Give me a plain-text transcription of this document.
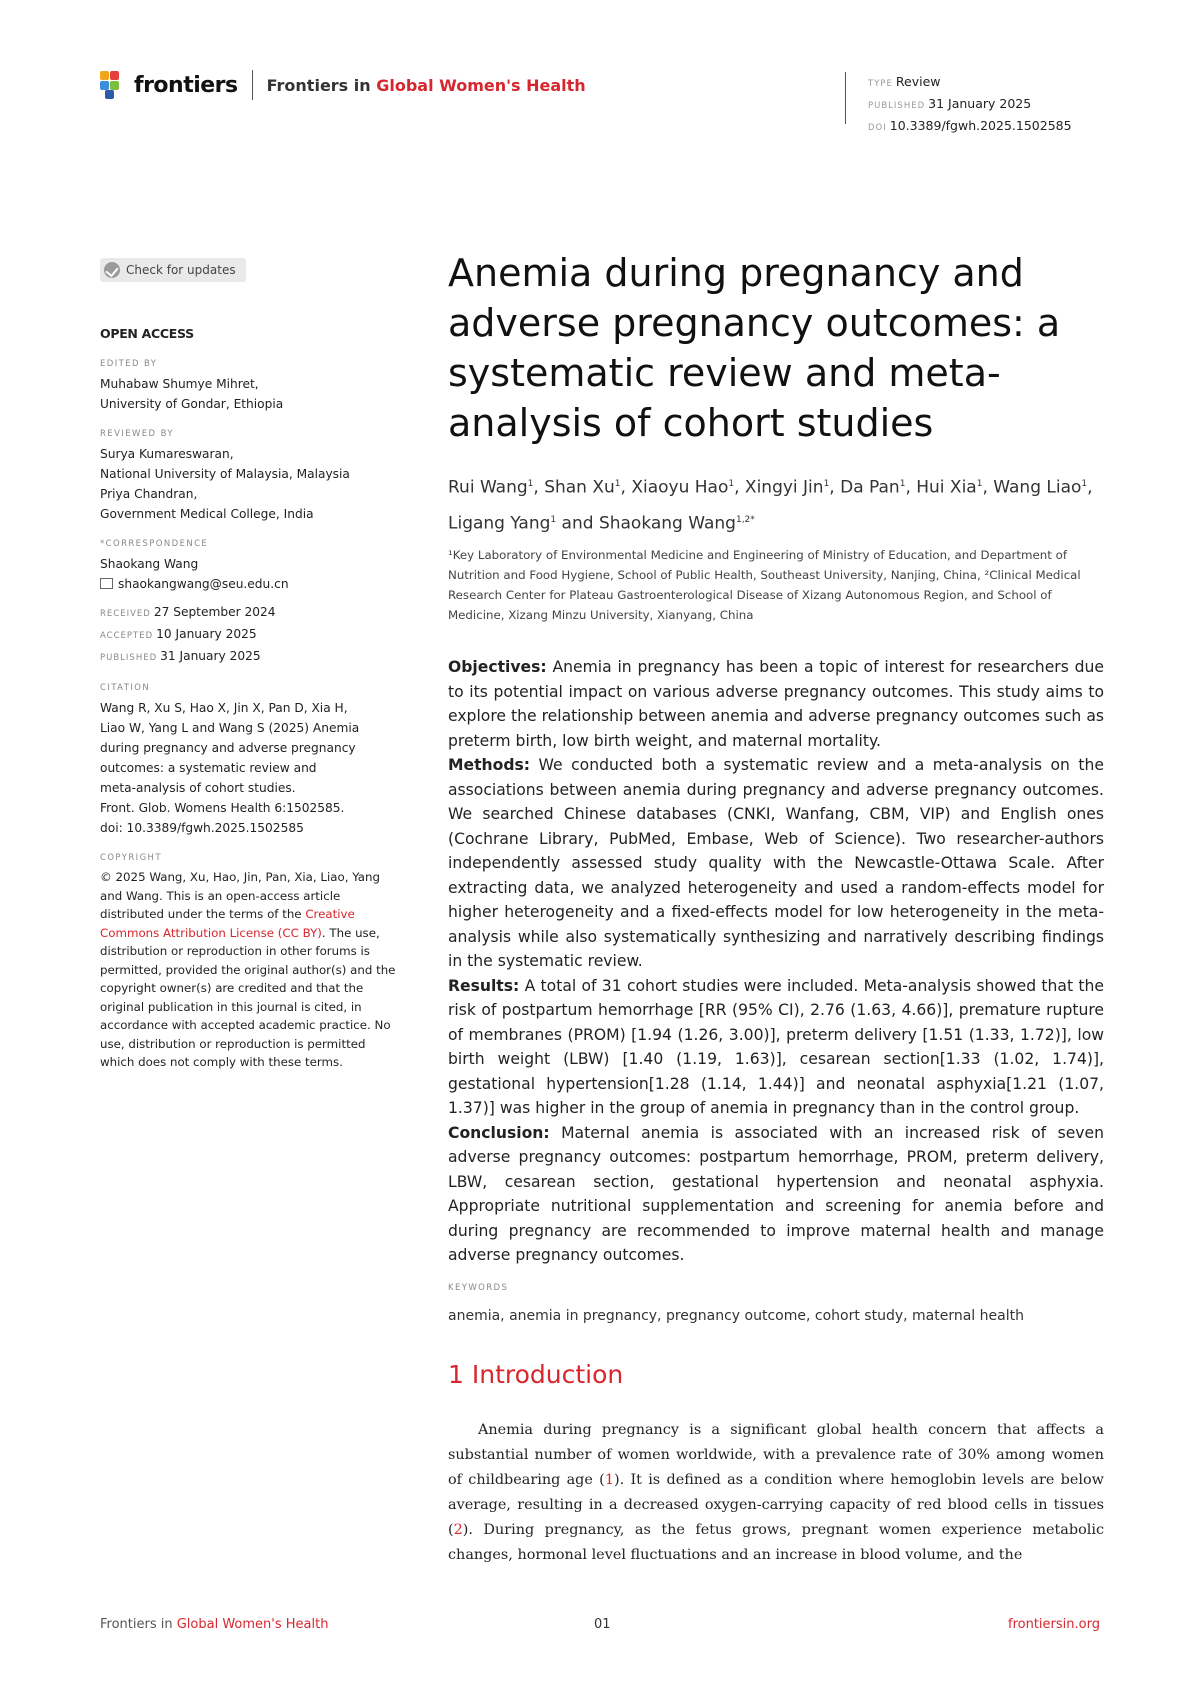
frontiers Frontiers in Global Women's Health	TYPE Review
PUBLISHED 31 January 2025
DOI 10.3389/fgwh.2025.1502585
Check for updates
OPEN ACCESS
EDITED BY
Muhabaw Shumye Mihret,
University of Gondar, Ethiopia
REVIEWED BY
Surya Kumareswaran,
National University of Malaysia, Malaysia
Priya Chandran,
Government Medical College, India
*CORRESPONDENCE
Shaokang Wang
shaokangwang@seu.edu.cn
RECEIVED 27 September 2024
ACCEPTED 10 January 2025
PUBLISHED 31 January 2025
CITATION
Wang R, Xu S, Hao X, Jin X, Pan D, Xia H,
Liao W, Yang L and Wang S (2025) Anemia
during pregnancy and adverse pregnancy
outcomes: a systematic review and
meta-analysis of cohort studies.
Front. Glob. Womens Health 6:1502585.
doi: 10.3389/fgwh.2025.1502585
COPYRIGHT
© 2025 Wang, Xu, Hao, Jin, Pan, Xia, Liao, Yang and Wang. This is an open-access article distributed under the terms of the Creative Commons Attribution License (CC BY). The use, distribution or reproduction in other forums is permitted, provided the original author(s) and the copyright owner(s) are credited and that the original publication in this journal is cited, in accordance with accepted academic practice. No use, distribution or reproduction is permitted which does not comply with these terms.
Anemia during pregnancy and adverse pregnancy outcomes: a systematic review and meta-analysis of cohort studies
Rui Wang$^1$, Shan Xu$^1$, Xiaoyu Hao$^1$, Xingyi Jin$^1$, Da Pan$^1$, Hui Xia$^1$, Wang Liao$^1$, Ligang Yang$^1$ and Shaokang Wang$^{1,2*}$
¹Key Laboratory of Environmental Medicine and Engineering of Ministry of Education, and Department of Nutrition and Food Hygiene, School of Public Health, Southeast University, Nanjing, China, ²Clinical Medical Research Center for Plateau Gastroenterological Disease of Xizang Autonomous Region, and School of Medicine, Xizang Minzu University, Xianyang, China

Objectives: Anemia in pregnancy has been a topic of interest for researchers due to its potential impact on various adverse pregnancy outcomes. This study aims to explore the relationship between anemia and adverse pregnancy outcomes such as preterm birth, low birth weight, and maternal mortality.

Methods: We conducted both a systematic review and a meta-analysis on the associations between anemia during pregnancy and adverse pregnancy outcomes. We searched Chinese databases (CNKI, Wanfang, CBM, VIP) and English ones (Cochrane Library, PubMed, Embase, Web of Science). Two researcher-authors independently assessed study quality with the Newcastle-Ottawa Scale. After extracting data, we analyzed heterogeneity and used a random-effects model for higher heterogeneity and a fixed-effects model for low heterogeneity in the meta-analysis while also systematically synthesizing and narratively describing findings in the systematic review.

Results: A total of 31 cohort studies were included. Meta-analysis showed that the risk of postpartum hemorrhage [RR (95% CI), 2.76 (1.63, 4.66)], premature rupture of membranes (PROM) [1.94 (1.26, 3.00)], preterm delivery [1.51 (1.33, 1.72)], low birth weight (LBW) [1.40 (1.19, 1.63)], cesarean section[1.33 (1.02, 1.74)], gestational hypertension[1.28 (1.14, 1.44)] and neonatal asphyxia[1.21 (1.07, 1.37)] was higher in the group of anemia in pregnancy than in the control group.

Conclusion: Maternal anemia is associated with an increased risk of seven adverse pregnancy outcomes: postpartum hemorrhage, PROM, preterm delivery, LBW, cesarean section, gestational hypertension and neonatal asphyxia. Appropriate nutritional supplementation and screening for anemia before and during pregnancy are recommended to improve maternal health and manage adverse pregnancy outcomes.

KEYWORDS
anemia, anemia in pregnancy, pregnancy outcome, cohort study, maternal health
1 Introduction

Anemia during pregnancy is a significant global health concern that affects a substantial number of women worldwide, with a prevalence rate of 30% among women of childbearing age (1). It is defined as a condition where hemoglobin levels are below average, resulting in a decreased oxygen-carrying capacity of red blood cells in tissues (2). During pregnancy, as the fetus grows, pregnant women experience metabolic changes, hormonal level fluctuations and an increase in blood volume, and the

Frontiers in Global Women's Health	01	frontiersin.org
